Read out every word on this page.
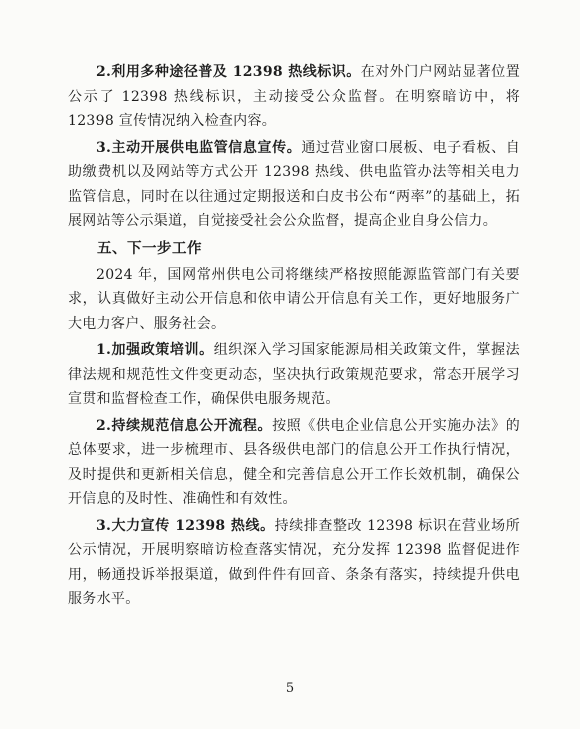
2.利用多种途径普及 12398 热线标识。在对外门户网站显著位置公示了 12398 热线标识，主动接受公众监督。在明察暗访中，将 12398 宣传情况纳入检查内容。

3.主动开展供电监管信息宣传。通过营业窗口展板、电子看板、自助缴费机以及网站等方式公开 12398 热线、供电监管办法等相关电力监管信息，同时在以往通过定期报送和白皮书公布“两率”的基础上，拓展网站等公示渠道，自觉接受社会公众监督，提高企业自身公信力。

五、下一步工作

2024 年，国网常州供电公司将继续严格按照能源监管部门有关要求，认真做好主动公开信息和依申请公开信息有关工作，更好地服务广大电力客户、服务社会。

1.加强政策培训。组织深入学习国家能源局相关政策文件，掌握法律法规和规范性文件变更动态，坚决执行政策规范要求，常态开展学习宣贯和监督检查工作，确保供电服务规范。

2.持续规范信息公开流程。按照《供电企业信息公开实施办法》的总体要求，进一步梳理市、县各级供电部门的信息公开工作执行情况，及时提供和更新相关信息，健全和完善信息公开工作长效机制，确保公开信息的及时性、准确性和有效性。

3.大力宣传 12398 热线。持续排查整改 12398 标识在营业场所公示情况，开展明察暗访检查落实情况，充分发挥 12398 监督促进作用，畅通投诉举报渠道，做到件件有回音、条条有落实，持续提升供电服务水平。

5
